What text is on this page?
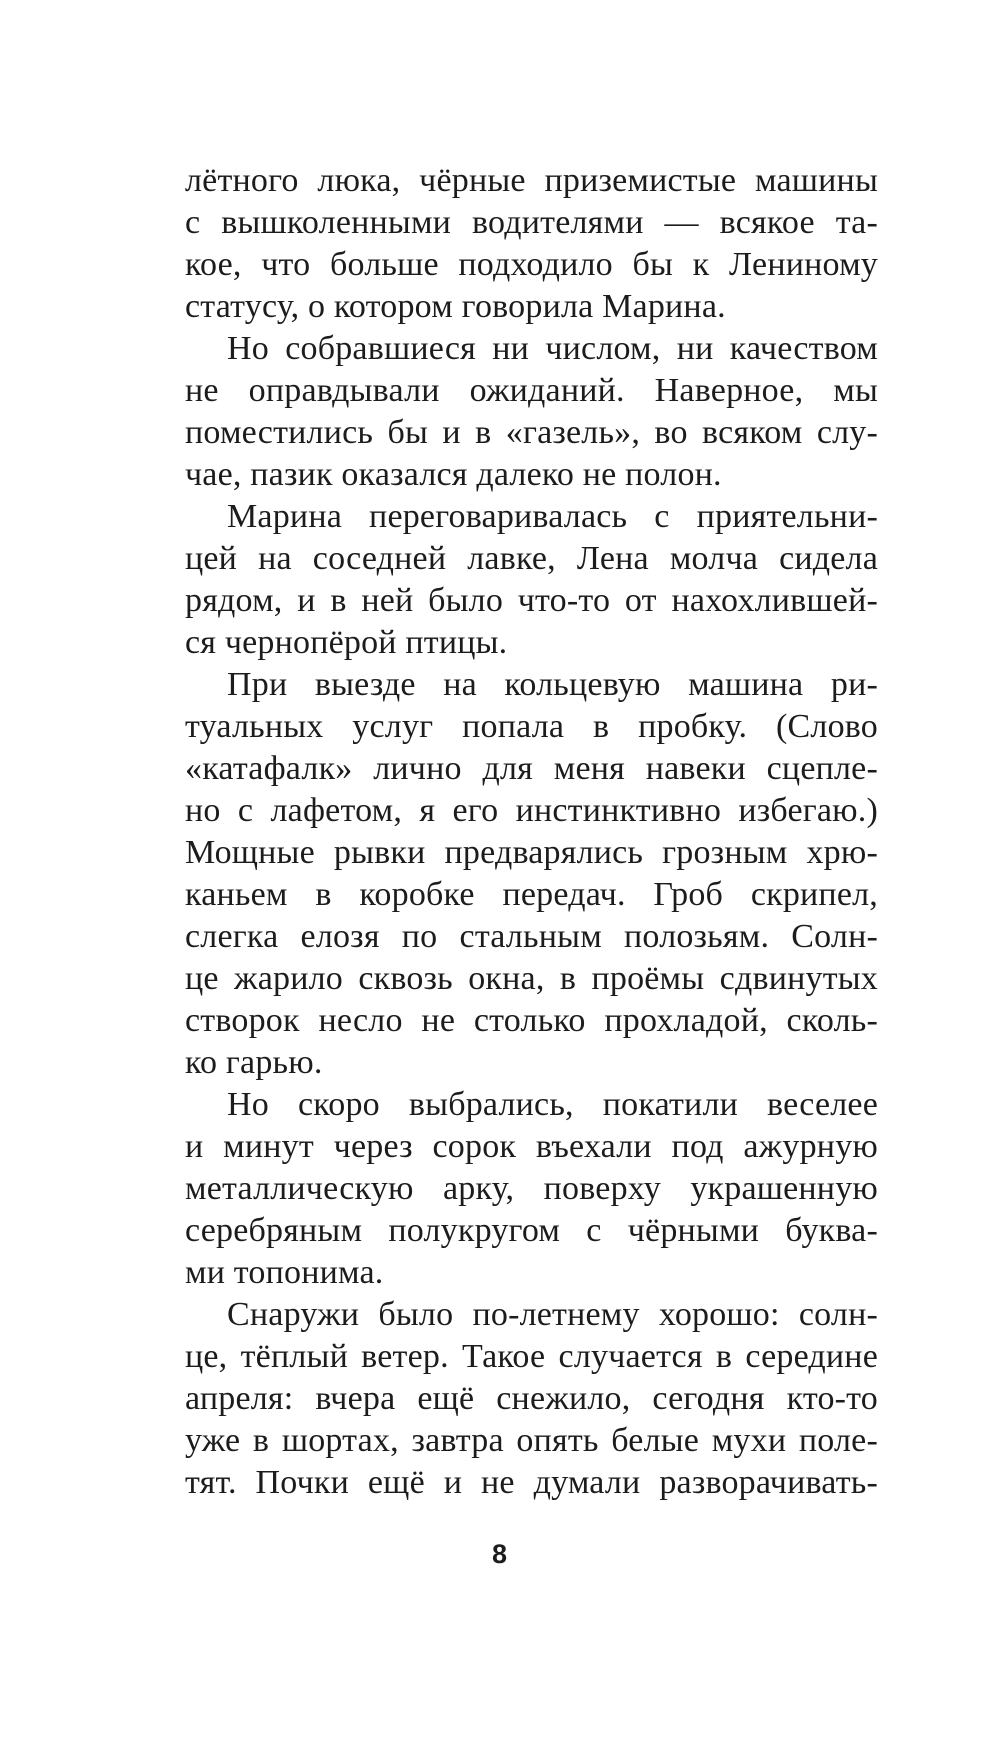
лётного люка, чёрные приземистые машины
с вышколенными водителями — всякое та-
кое, что больше подходило бы к Лениному
статусу, о котором говорила Марина.
Но собравшиеся ни числом, ни качеством
не оправдывали ожиданий. Наверное, мы
поместились бы и в «газель», во всяком слу-
чае, пазик оказался далеко не полон.
Марина переговаривалась с приятельни-
цей на соседней лавке, Лена молча сидела
рядом, и в ней было что-то от нахохлившей-
ся чернопёрой птицы.
При выезде на кольцевую машина ри-
туальных услуг попала в пробку. (Слово
«катафалк» лично для меня навеки сцепле-
но с лафетом, я его инстинктивно избегаю.)
Мощные рывки предварялись грозным хрю-
каньем в коробке передач. Гроб скрипел,
слегка елозя по стальным полозьям. Солн-
це жарило сквозь окна, в проёмы сдвинутых
створок несло не столько прохладой, сколь-
ко гарью.
Но скоро выбрались, покатили веселее
и минут через сорок въехали под ажурную
металлическую арку, поверху украшенную
серебряным полукругом с чёрными буква-
ми топонима.
Снаружи было по-летнему хорошо: солн-
це, тёплый ветер. Такое случается в середине
апреля: вчера ещё снежило, сегодня кто-то
уже в шортах, завтра опять белые мухи поле-
тят. Почки ещё и не думали разворачивать-
8
